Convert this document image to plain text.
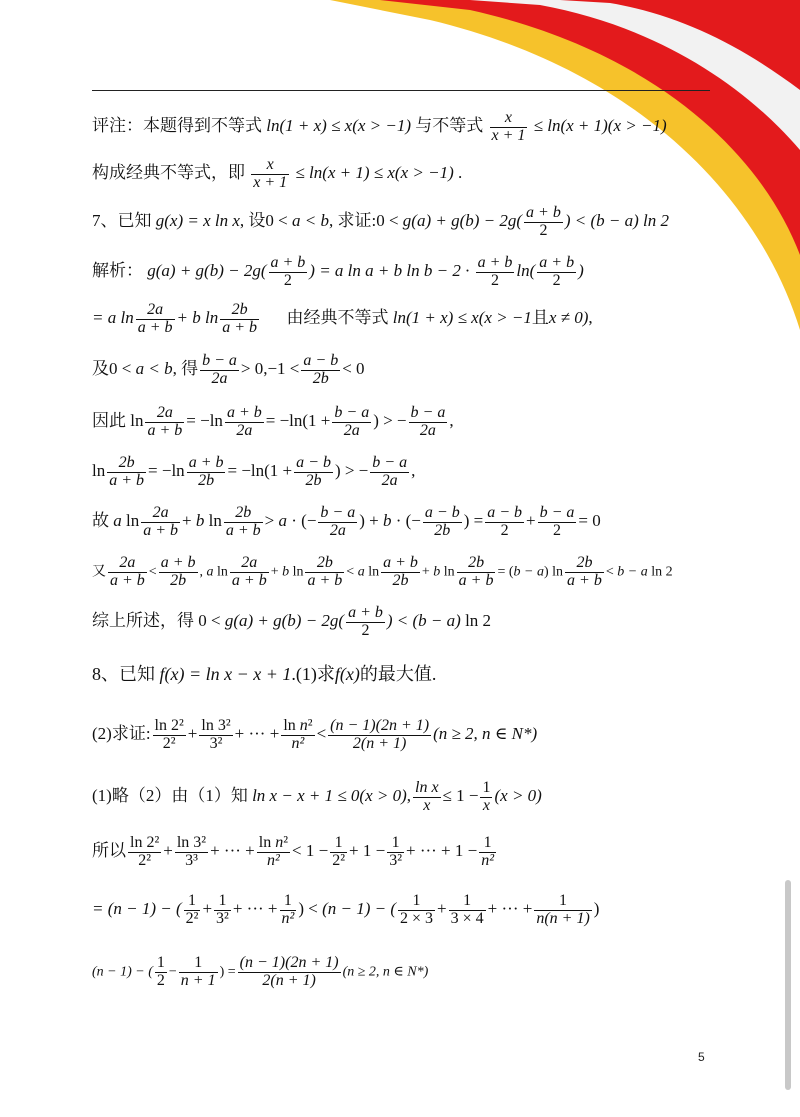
评注：本题得到不等式 ln(1 + x) ≤ x(x > −1) 与不等式 $\frac{x}{x + 1} \le \ln(x + 1)(x > -1)$
构成经典不等式，即 $\frac{x}{x + 1} \le \ln(x + 1) \le x(x > -1)$ .
7、已知 g(x) = x ln x, 设0 < a < b, 求证:0 < $g(a) + g(b) - 2g( \frac{a + b}{2}$ ) < (b − a) ln 2
解析： $g(a) + g(b) - 2g( \frac{a + b}{2}$ ) = a ln a + b $\ln b - 2 \cdot \frac{a + b}{2} \ln( \frac{a + b}{2}$ )
= a $\ln \frac{2a}{a + b} + b$ $\ln \frac{2b}{a + b}$ 由经典不等式 ln(1 + x) ≤ x(x > −1且x ≠ 0),
及0 < a < b, 得 $\frac{b - a}{2a} > 0,-1 < \frac{a - b}{2b} < 0$
因此 $\ln \frac{2a}{a + b} = -\ln \frac{a + b}{2a} = -\ln(1 + \frac{b - a}{2a}$ ) > − $\frac{b - a}{2a}$ ,
$\ln \frac{2b}{a + b} = -\ln \frac{a + b}{2b} = -\ln(1 + \frac{a - b}{2b}$ ) > − $\frac{b - a}{2a}$ ,
故 a $\ln \frac{2a}{a + b} + b$ $\ln \frac{2b}{a + b} > a$ · (− $\frac{b - a}{2a}$ ) + b · (− $\frac{a - b}{2b}$ ) = $\frac{a - b}{2} + \frac{b - a}{2} = 0$
又 $\frac{2a}{a + b} < \frac{a + b}{2b}$ , a $\ln \frac{2a}{a + b} + b$ $\ln \frac{2b}{a + b} < a$ $\ln \frac{a + b}{2b} + b$ $\ln \frac{2b}{a + b} = (b - a)$ $\ln \frac{2b}{a + b} < b - a$ ln 2
综上所述，得 $0 < g(a) + g(b) - 2g( \frac{a + b}{2}$ ) < (b − a) ln 2
8、已知 f(x) = ln x − x + 1.(1)求f(x)的最大值.
(2)求证: $\frac{\text{ln 2²}}{\text{2²}} + \frac{\text{ln 3²}}{\text{3²}}$ + ··· + $\frac{\text{ln n²}}{\text{n²}} < \frac{(n - 1)(2n + 1)}{2(n + 1)} (n \ge 2$, n ∈ N*)
(1)略（2）由（1）知 ln x − x + 1 ≤ 0(x > 0), $\frac{\text{ln x}}{x} \le 1 - \frac{1}{x} (x > 0)$
所以 $\frac{\text{ln 2²}}{\text{2²}} + \frac{\text{ln 3²}}{\text{3³}}$ + ··· + $\frac{\text{ln n²}}{\text{n²}} < 1 - \frac{1}{\text{2²}} + 1 - \frac{1}{\text{3²}}$ + ··· + $1 - \frac{1}{\text{n²}}$
= (n − 1) − ( $\frac{1}{\text{2²}} + \frac{1}{\text{3²}}$ + ··· + $\frac{1}{\text{n²}}$ ) < (n − 1) − ( $\frac{1}{2 \times 3} + \frac{1}{3 \times 4}$ + ··· + $\frac{1}{n(n + 1)}$ )
(n − 1) − ( $\frac{1}{2} - \frac{1}{n + 1}$ ) = $\frac{(n - 1)(2n + 1)}{2(n + 1)} (n \ge 2$, n ∈ N*)
5
